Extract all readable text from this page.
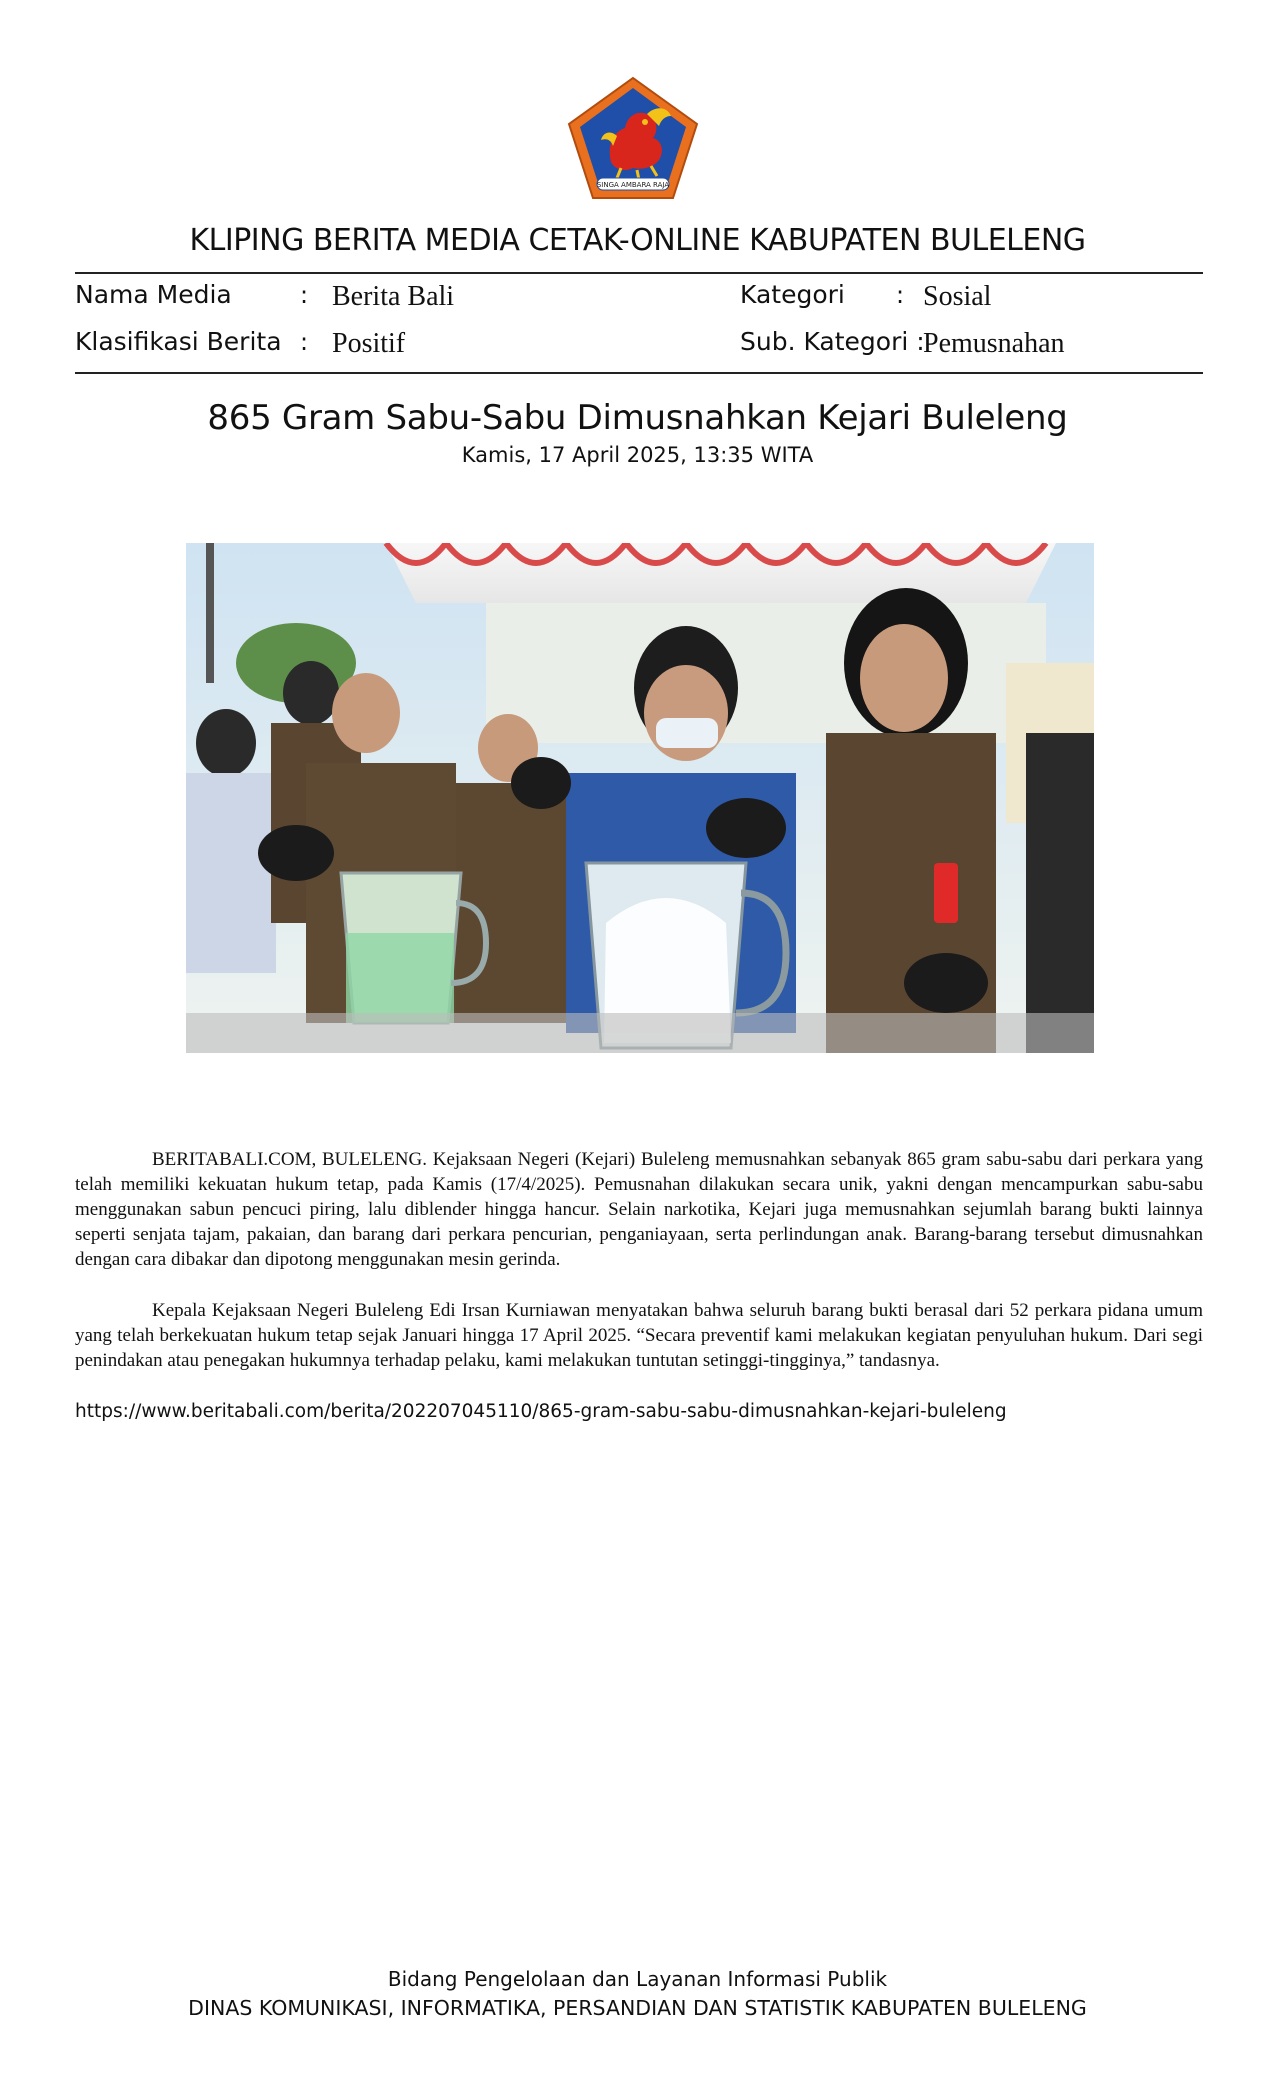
SINGA AMBARA RAJA
KLIPING BERITA MEDIA CETAK-ONLINE KABUPATEN BULELENG
Nama Media	: Berita Bali	Kategori : Sosial
Klasifikasi Berita : Positif	Sub. Kategori :
Pemusnahan
865 Gram Sabu-Sabu Dimusnahkan Kejari Buleleng
Kamis, 17 April 2025, 13:35 WITA

BERITABALI.COM, BULELENG. Kejaksaan Negeri (Kejari) Buleleng memusnahkan sebanyak 865 gram sabu-sabu dari perkara yang telah memiliki kekuatan hukum tetap, pada Kamis (17/4/2025). Pemusnahan dilakukan secara unik, yakni dengan mencampurkan sabu-sabu menggunakan sabun pencuci piring, lalu diblender hingga hancur. Selain narkotika, Kejari juga memusnahkan sejumlah barang bukti lainnya seperti senjata tajam, pakaian, dan barang dari perkara pencurian, penganiayaan, serta perlindungan anak. Barang-barang tersebut dimusnahkan dengan cara dibakar dan dipotong menggunakan mesin gerinda.

Kepala Kejaksaan Negeri Buleleng Edi Irsan Kurniawan menyatakan bahwa seluruh barang bukti berasal dari 52 perkara pidana umum yang telah berkekuatan hukum tetap sejak Januari hingga 17 April 2025. “Secara preventif kami melakukan kegiatan penyuluhan hukum. Dari segi penindakan atau penegakan hukumnya terhadap pelaku, kami melakukan tuntutan setinggi-tingginya,” tandasnya.

https://www.beritabali.com/berita/202207045110/865-gram-sabu-sabu-dimusnahkan-kejari-buleleng
Bidang Pengelolaan dan Layanan Informasi Publik
DINAS KOMUNIKASI, INFORMATIKA, PERSANDIAN DAN STATISTIK KABUPATEN BULELENG
